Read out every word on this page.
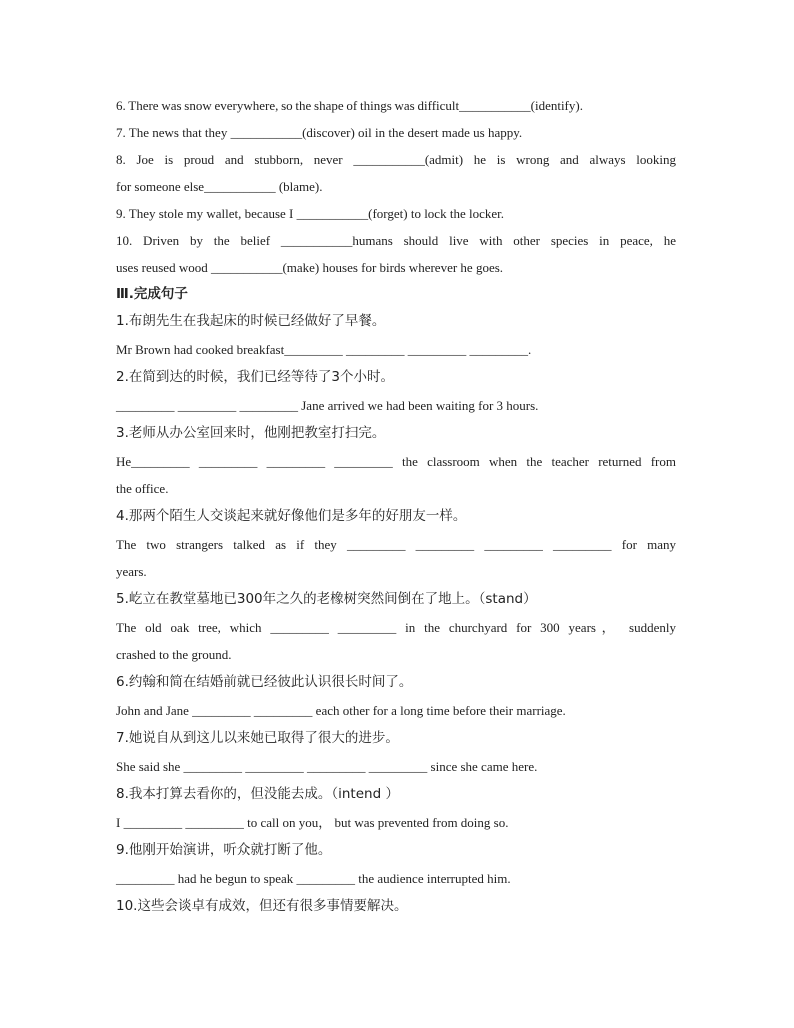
6. There was snow everywhere, so the shape of things was difficult___________(identify).
7. The news that they ___________(discover) oil in the desert made us happy.
8. Joe is proud and stubborn, never ___________(admit) he is wrong and always looking
for someone else___________ (blame).
9. They stole my wallet, because I ___________(forget) to lock the locker.
10. Driven by the belief ___________humans should live with other species in peace, he
uses reused wood ___________(make) houses for birds wherever he goes.
Ⅲ.完成句子
1.布朗先生在我起床的时候已经做好了早餐。
Mr Brown had cooked breakfast_________ _________ _________ _________.
2.在简到达的时候，我们已经等待了3个小时。
_________ _________ _________ Jane arrived we had been waiting for 3 hours.
3.老师从办公室回来时，他刚把教室打扫完。
He_________ _________ _________ _________ the classroom when the teacher returned from
the office.
4.那两个陌生人交谈起来就好像他们是多年的好朋友一样。
The two strangers talked as if they _________ _________ _________ _________ for many
years.
5.屹立在教堂墓地已300年之久的老橡树突然间倒在了地上。（stand）
The old oak tree, which _________ _________ in the churchyard for 300 years， suddenly
crashed to the ground.
6.约翰和简在结婚前就已经彼此认识很长时间了。
John and Jane _________ _________ each other for a long time before their marriage.
7.她说自从到这儿以来她已取得了很大的进步。
She said she _________ _________ _________ _________ since she came here.
8.我本打算去看你的，但没能去成。（intend ）
I _________ _________ to call on you， but was prevented from doing so.
9.他刚开始演讲，听众就打断了他。
_________ had he begun to speak _________ the audience interrupted him.
10.这些会谈卓有成效，但还有很多事情要解决。
